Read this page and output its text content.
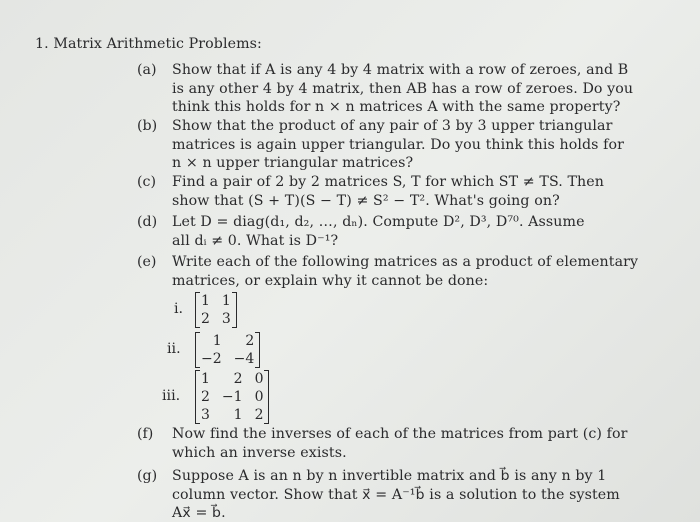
1. Matrix Arithmetic Problems:
(a) Show that if A is any 4 by 4 matrix with a row of zeroes, and B
is any other 4 by 4 matrix, then AB has a row of zeroes. Do you
think this holds for n × n matrices A with the same property?
(b) Show that the product of any pair of 3 by 3 upper triangular
matrices is again upper triangular. Do you think this holds for
n × n upper triangular matrices?
(c) Find a pair of 2 by 2 matrices S, T for which ST ≠ TS. Then
show that (S + T)(S − T) ≠ S² − T². What's going on?
(d) Let D = diag(d₁, d₂, …, dₙ). Compute D², D³, D⁷⁰. Assume
all dᵢ ≠ 0. What is D⁻¹?
(e) Write each of the following matrices as a product of elementary
matrices, or explain why it cannot be done:
(f) Now find the inverses of each of the matrices from part (c) for
which an inverse exists.
(g) Suppose A is an n by n invertible matrix and b⃗ is any n by 1
column vector. Show that x⃗ = A⁻¹b⃗ is a solution to the system
Ax⃗ = b⃗.
i. 1 1
2 3
ii.	1	2
−2 −4
iii.
1	2 0
2 −1 0
3	1 2
